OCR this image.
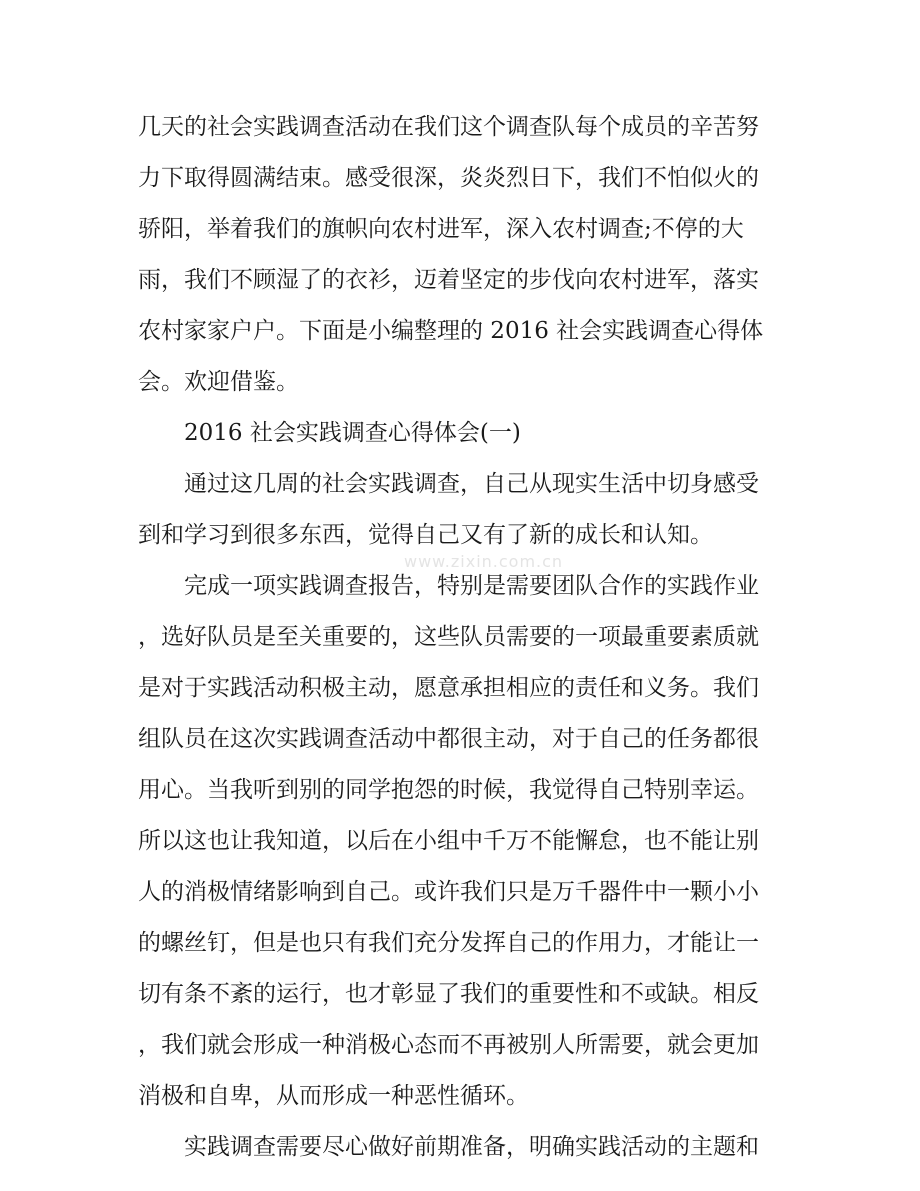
www.zixin.com.cn
几天的社会实践调查活动在我们这个调查队每个成员的辛苦努
力下取得圆满结束。感受很深，炎炎烈日下，我们不怕似火的
骄阳，举着我们的旗帜向农村进军，深入农村调查;不停的大
雨，我们不顾湿了的衣衫，迈着坚定的步伐向农村进军，落实
农村家家户户。下面是小编整理的 2016 社会实践调查心得体
会。欢迎借鉴。
2016 社会实践调查心得体会(一)
通过这几周的社会实践调查，自己从现实生活中切身感受
到和学习到很多东西，觉得自己又有了新的成长和认知。
完成一项实践调查报告，特别是需要团队合作的实践作业
，选好队员是至关重要的，这些队员需要的一项最重要素质就
是对于实践活动积极主动，愿意承担相应的责任和义务。我们
组队员在这次实践调查活动中都很主动，对于自己的任务都很
用心。当我听到别的同学抱怨的时候，我觉得自己特别幸运。
所以这也让我知道，以后在小组中千万不能懈怠，也不能让别
人的消极情绪影响到自己。或许我们只是万千器件中一颗小小
的螺丝钉，但是也只有我们充分发挥自己的作用力，才能让一
切有条不紊的运行，也才彰显了我们的重要性和不或缺。相反
，我们就会形成一种消极心态而不再被别人所需要，就会更加
消极和自卑，从而形成一种恶性循环。
实践调查需要尽心做好前期准备，明确实践活动的主题和
